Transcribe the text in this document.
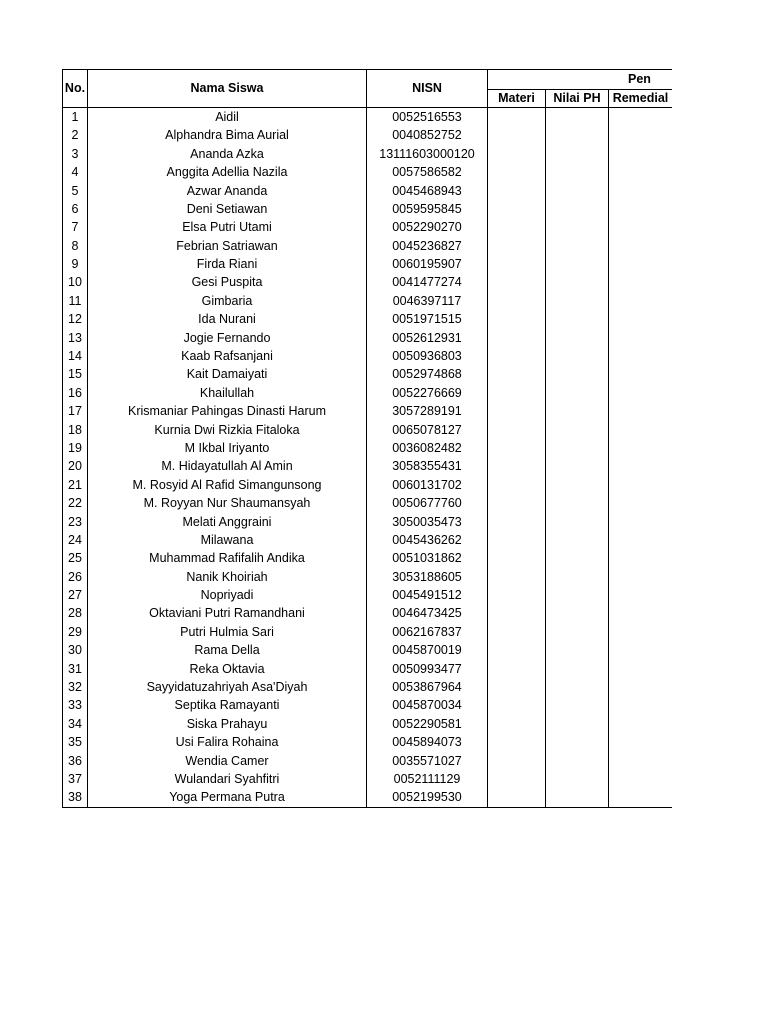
No.	Nama Siswa	NISN	Pen			
			Materi	Nilai PH	Remedial	
1	Aidil	0052516553				
2	Alphandra Bima Aurial	0040852752				
3	Ananda Azka	13111603000120				
4	Anggita Adellia Nazila	0057586582				
5	Azwar Ananda	0045468943				
6	Deni Setiawan	0059595845				
7	Elsa Putri Utami	0052290270				
8	Febrian Satriawan	0045236827				
9	Firda Riani	0060195907				
10	Gesi Puspita	0041477274				
11	Gimbaria	0046397117				
12	Ida Nurani	0051971515				
13	Jogie Fernando	0052612931				
14	Kaab Rafsanjani	0050936803				
15	Kait Damaiyati	0052974868				
16	Khailullah	0052276669				
17	Krismaniar Pahingas Dinasti Harum	3057289191				
18	Kurnia Dwi Rizkia Fitaloka	0065078127				
19	M Ikbal Iriyanto	0036082482				
20	M. Hidayatullah Al Amin	3058355431				
21	M. Rosyid Al Rafid Simangunsong	0060131702				
22	M. Royyan Nur Shaumansyah	0050677760				
23	Melati Anggraini	3050035473				
24	Milawana	0045436262				
25	Muhammad Rafifalih Andika	0051031862				
26	Nanik Khoiriah	3053188605				
27	Nopriyadi	0045491512				
28	Oktaviani Putri Ramandhani	0046473425				
29	Putri Hulmia Sari	0062167837				
30	Rama Della	0045870019				
31	Reka Oktavia	0050993477				
32	Sayyidatuzahriyah Asa'Diyah	0053867964				
33	Septika Ramayanti	0045870034				
34	Siska Prahayu	0052290581				
35	Usi Falira Rohaina	0045894073				
36	Wendia Camer	0035571027				
37	Wulandari Syahfitri	0052111129				
38	Yoga Permana Putra	0052199530				
